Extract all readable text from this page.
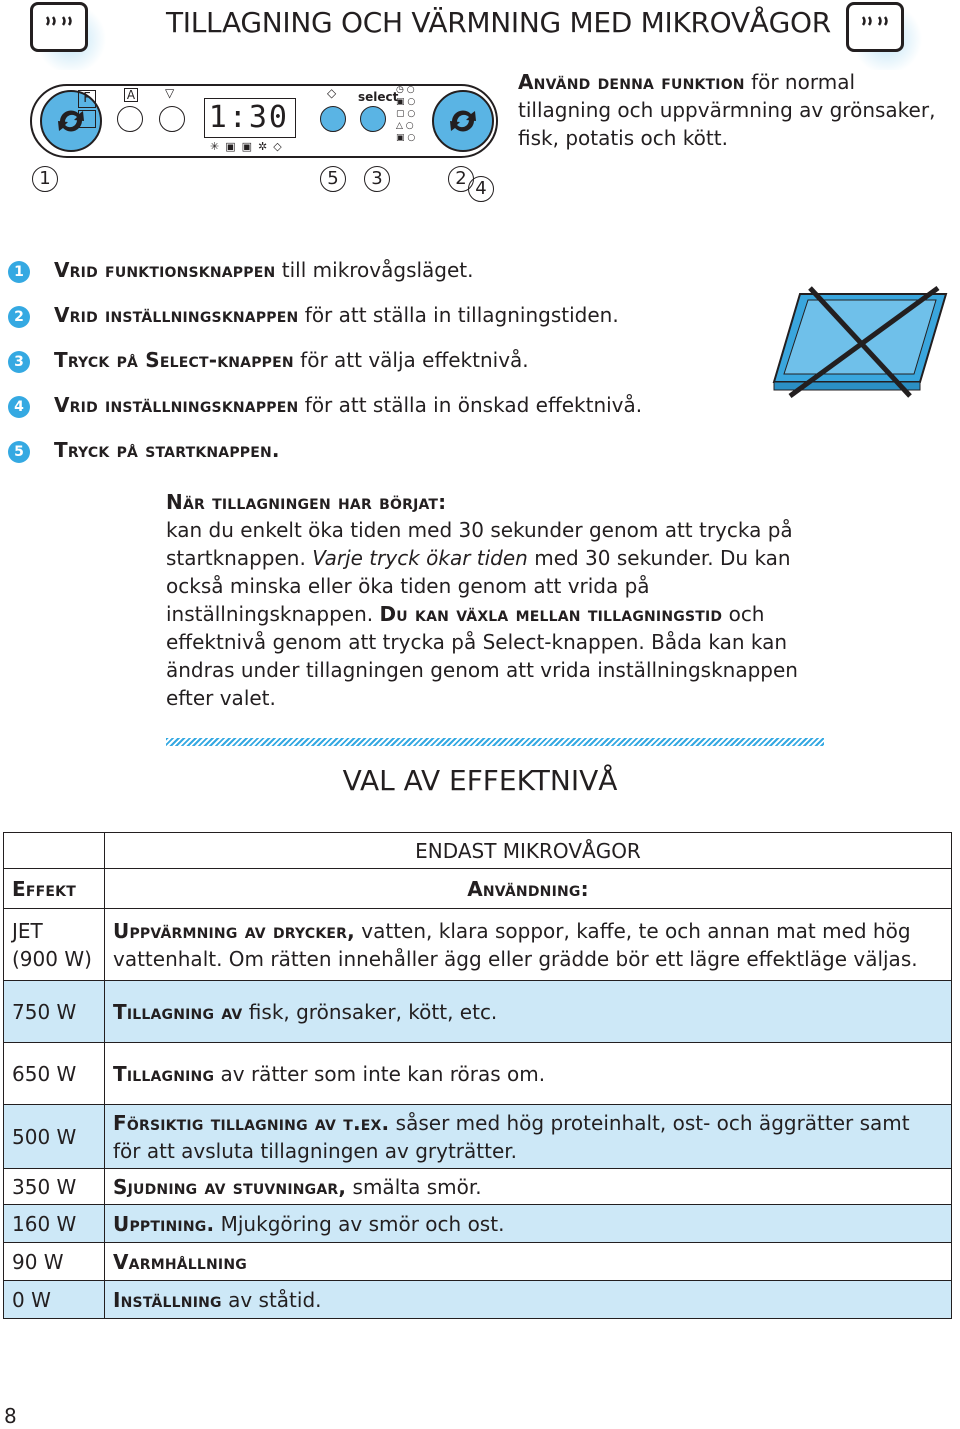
TILLAGNING OCH VÄRMNING MED MIKROVÅGOR
F	A ▽
1:30
✳▣▣✲◇
◇ select
◷ ○
▣ ○
▢ ○
△ ○
▣ ○
1	5	3	2 4
Använd denna funktion för normal tillagning och uppvärmning av grönsaker, fisk, potatis och kött.
1	Vrid funktionsknappen till mikrovågsläget.
2	Vrid inställningsknappen för att ställa in tillagningstiden.
3	Tryck på Select-knappen för att välja effektnivå.
4	Vrid inställningsknappen för att ställa in önskad effektnivå.
5	Tryck på startknappen.
När tillagningen har börjat:
kan du enkelt öka tiden med 30 sekunder genom att trycka på startknappen. Varje tryck ökar tiden med 30 sekunder. Du kan också minska eller öka tiden genom att vrida på inställningsknappen. Du kan växla mellan tillagningstid och effektnivå genom att trycka på Select-knappen. Båda kan kan ändras under tillagningen genom att vrida inställningsknappen efter valet.
VAL AV EFFEKTNIVÅ
	ENDAST MIKROVÅGOR
Effekt	Användning:
JET
(900 W)	Uppvärmning av drycker, vatten, klara soppor, kaffe, te och annan mat med hög vattenhalt. Om rätten innehåller ägg eller grädde bör ett lägre effektläge väljas.
750 W	Tillagning av fisk, grönsaker, kött, etc.
650 W	Tillagning av rätter som inte kan röras om.
500 W	Försiktig tillagning av t.ex. såser med hög proteinhalt, ost- och äggrätter samt för att avsluta tillagningen av gryträtter.
350 W	Sjudning av stuvningar, smälta smör.
160 W	Upptining. Mjukgöring av smör och ost.
90 W	Varmhållning
0 W	Inställning av ståtid.
8
